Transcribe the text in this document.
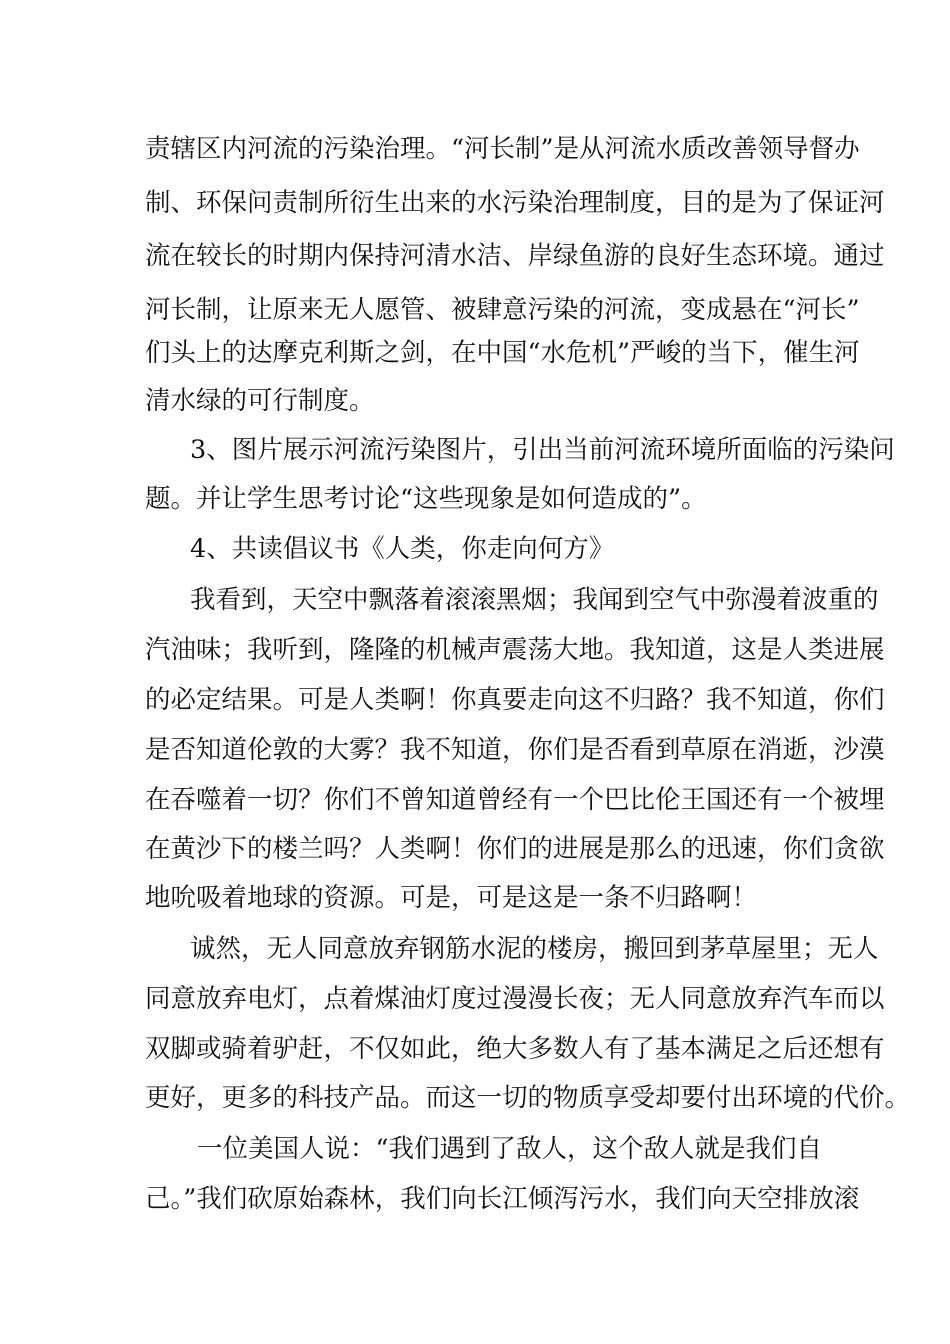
责辖区内河流的污染治理。“河长制”是从河流水质改善领导督办
制、环保问责制所衍生出来的水污染治理制度，目的是为了保证河
流在较长的时期内保持河清水洁、岸绿鱼游的良好生态环境。通过
河长制，让原来无人愿管、被肆意污染的河流，变成悬在“河长”
们头上的达摩克利斯之剑，在中国“水危机”严峻的当下，催生河
清水绿的可行制度。
3、图片展示河流污染图片，引出当前河流环境所面临的污染问
题。并让学生思考讨论“这些现象是如何造成的”。
4、共读倡议书《人类，你走向何方》
我看到，天空中飘落着滚滚黑烟；我闻到空气中弥漫着波重的
汽油味；我听到，隆隆的机械声震荡大地。我知道，这是人类进展
的必定结果。可是人类啊！你真要走向这不归路？我不知道，你们
是否知道伦敦的大雾？我不知道，你们是否看到草原在消逝，沙漠
在吞噬着一切？你们不曾知道曾经有一个巴比伦王国还有一个被埋
在黄沙下的楼兰吗？人类啊！你们的进展是那么的迅速，你们贪欲
地吮吸着地球的资源。可是，可是这是一条不归路啊！
诚然，无人同意放弃钢筋水泥的楼房，搬回到茅草屋里；无人
同意放弃电灯，点着煤油灯度过漫漫长夜；无人同意放弃汽车而以
双脚或骑着驴赶，不仅如此，绝大多数人有了基本满足之后还想有
更好，更多的科技产品。而这一切的物质享受却要付出环境的代价。
一位美国人说：“我们遇到了敌人，这个敌人就是我们自
己。”我们砍原始森林，我们向长江倾泻污水，我们向天空排放滚
